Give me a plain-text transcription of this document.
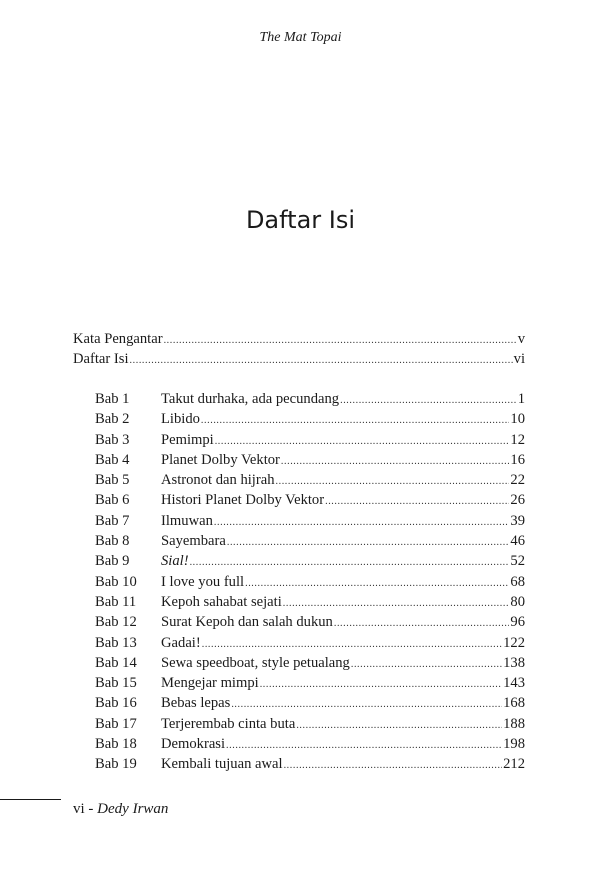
The Mat Topai
Daftar Isi
Kata Pengantar .....	v
Daftar Isi .....	vi
Bab 1	Takut durhaka, ada pecundang .....	1
Bab 2	Libido .....	10
Bab 3	Pemimpi .....	12
Bab 4	Planet Dolby Vektor .....	16
Bab 5	Astronot dan hijrah .....	22
Bab 6	Histori Planet Dolby Vektor .....	26
Bab 7	Ilmuwan .....	39
Bab 8	Sayembara .....	46
Bab 9	Sial! .....	52
Bab 10	I love you full .....	68
Bab 11	Kepoh sahabat sejati .....	80
Bab 12	Surat Kepoh dan salah dukun .....	96
Bab 13	Gadai! .....	122
Bab 14	Sewa speedboat, style petualang .....	138
Bab 15	Mengejar mimpi .....	143
Bab 16	Bebas lepas .....	168
Bab 17	Terjerembab cinta buta .....	188
Bab 18	Demokrasi .....	198
Bab 19	Kembali tujuan awal .....	212
vi - Dedy Irwan
